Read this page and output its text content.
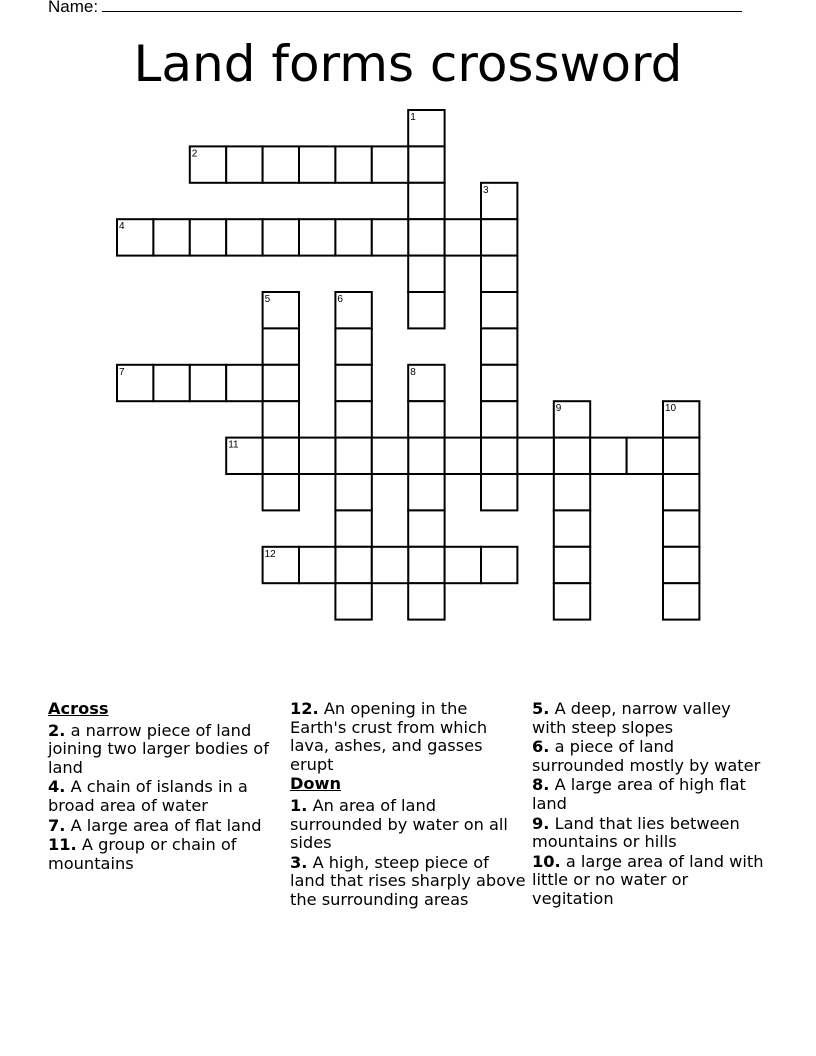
Name:
Land forms crossword
1
2
3
4
5	6
7	8
9	10
11
12
Across
2. a narrow piece of land joining two larger bodies of land
4. A chain of islands in a broad area of water
7. A large area of flat land
11. A group or chain of mountains
12. An opening in the Earth's crust from which lava, ashes, and gasses erupt
Down
1. An area of land surrounded by water on all sides
3. A high, steep piece of land that rises sharply above the surrounding areas
5. A deep, narrow valley with steep slopes
6. a piece of land surrounded mostly by water
8. A large area of high flat land
9. Land that lies between mountains or hills
10. a large area of land with little or no water or vegitation
